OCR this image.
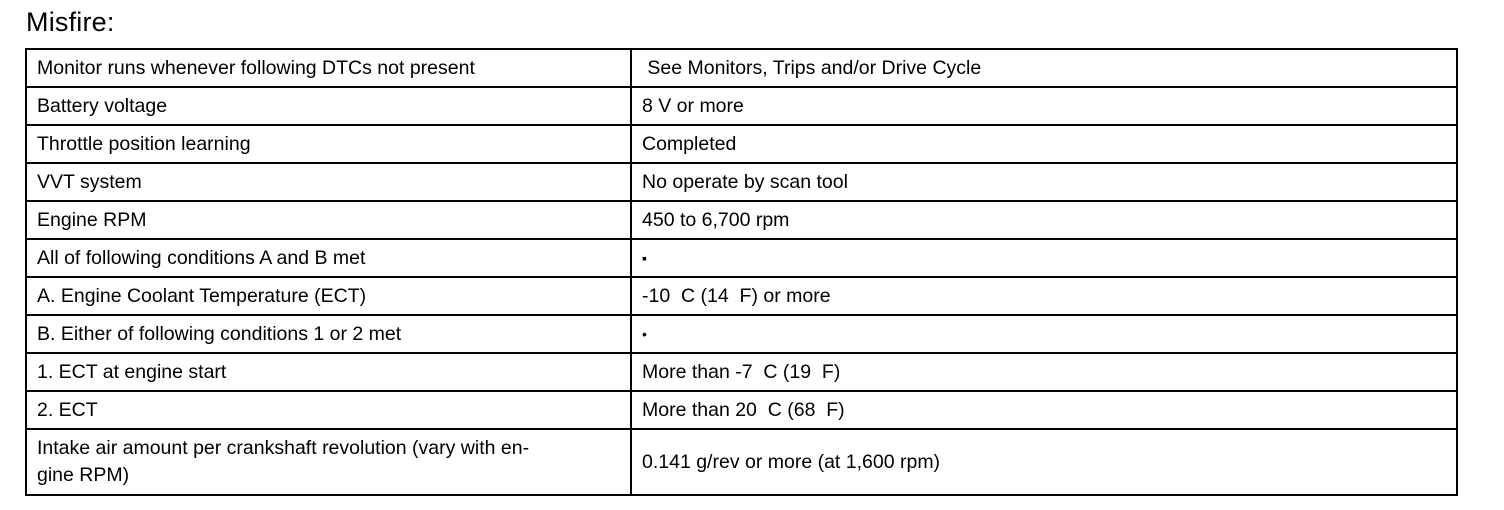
Misfire:
Monitor runs whenever following DTCs not present	See Monitors, Trips and/or Drive Cycle
Battery voltage	8 V or more
Throttle position learning	Completed
VVT system	No operate by scan tool
Engine RPM	450 to 6,700 rpm
All of following conditions A and B met	▪
A. Engine Coolant Temperature (ECT)	-10  C (14  F) or more
B. Either of following conditions 1 or 2 met	•
1. ECT at engine start	More than -7  C (19  F)
2. ECT	More than 20  C (68  F)
Intake air amount per crankshaft revolution (vary with en-
gine RPM)	0.141 g/rev or more (at 1,600 rpm)
